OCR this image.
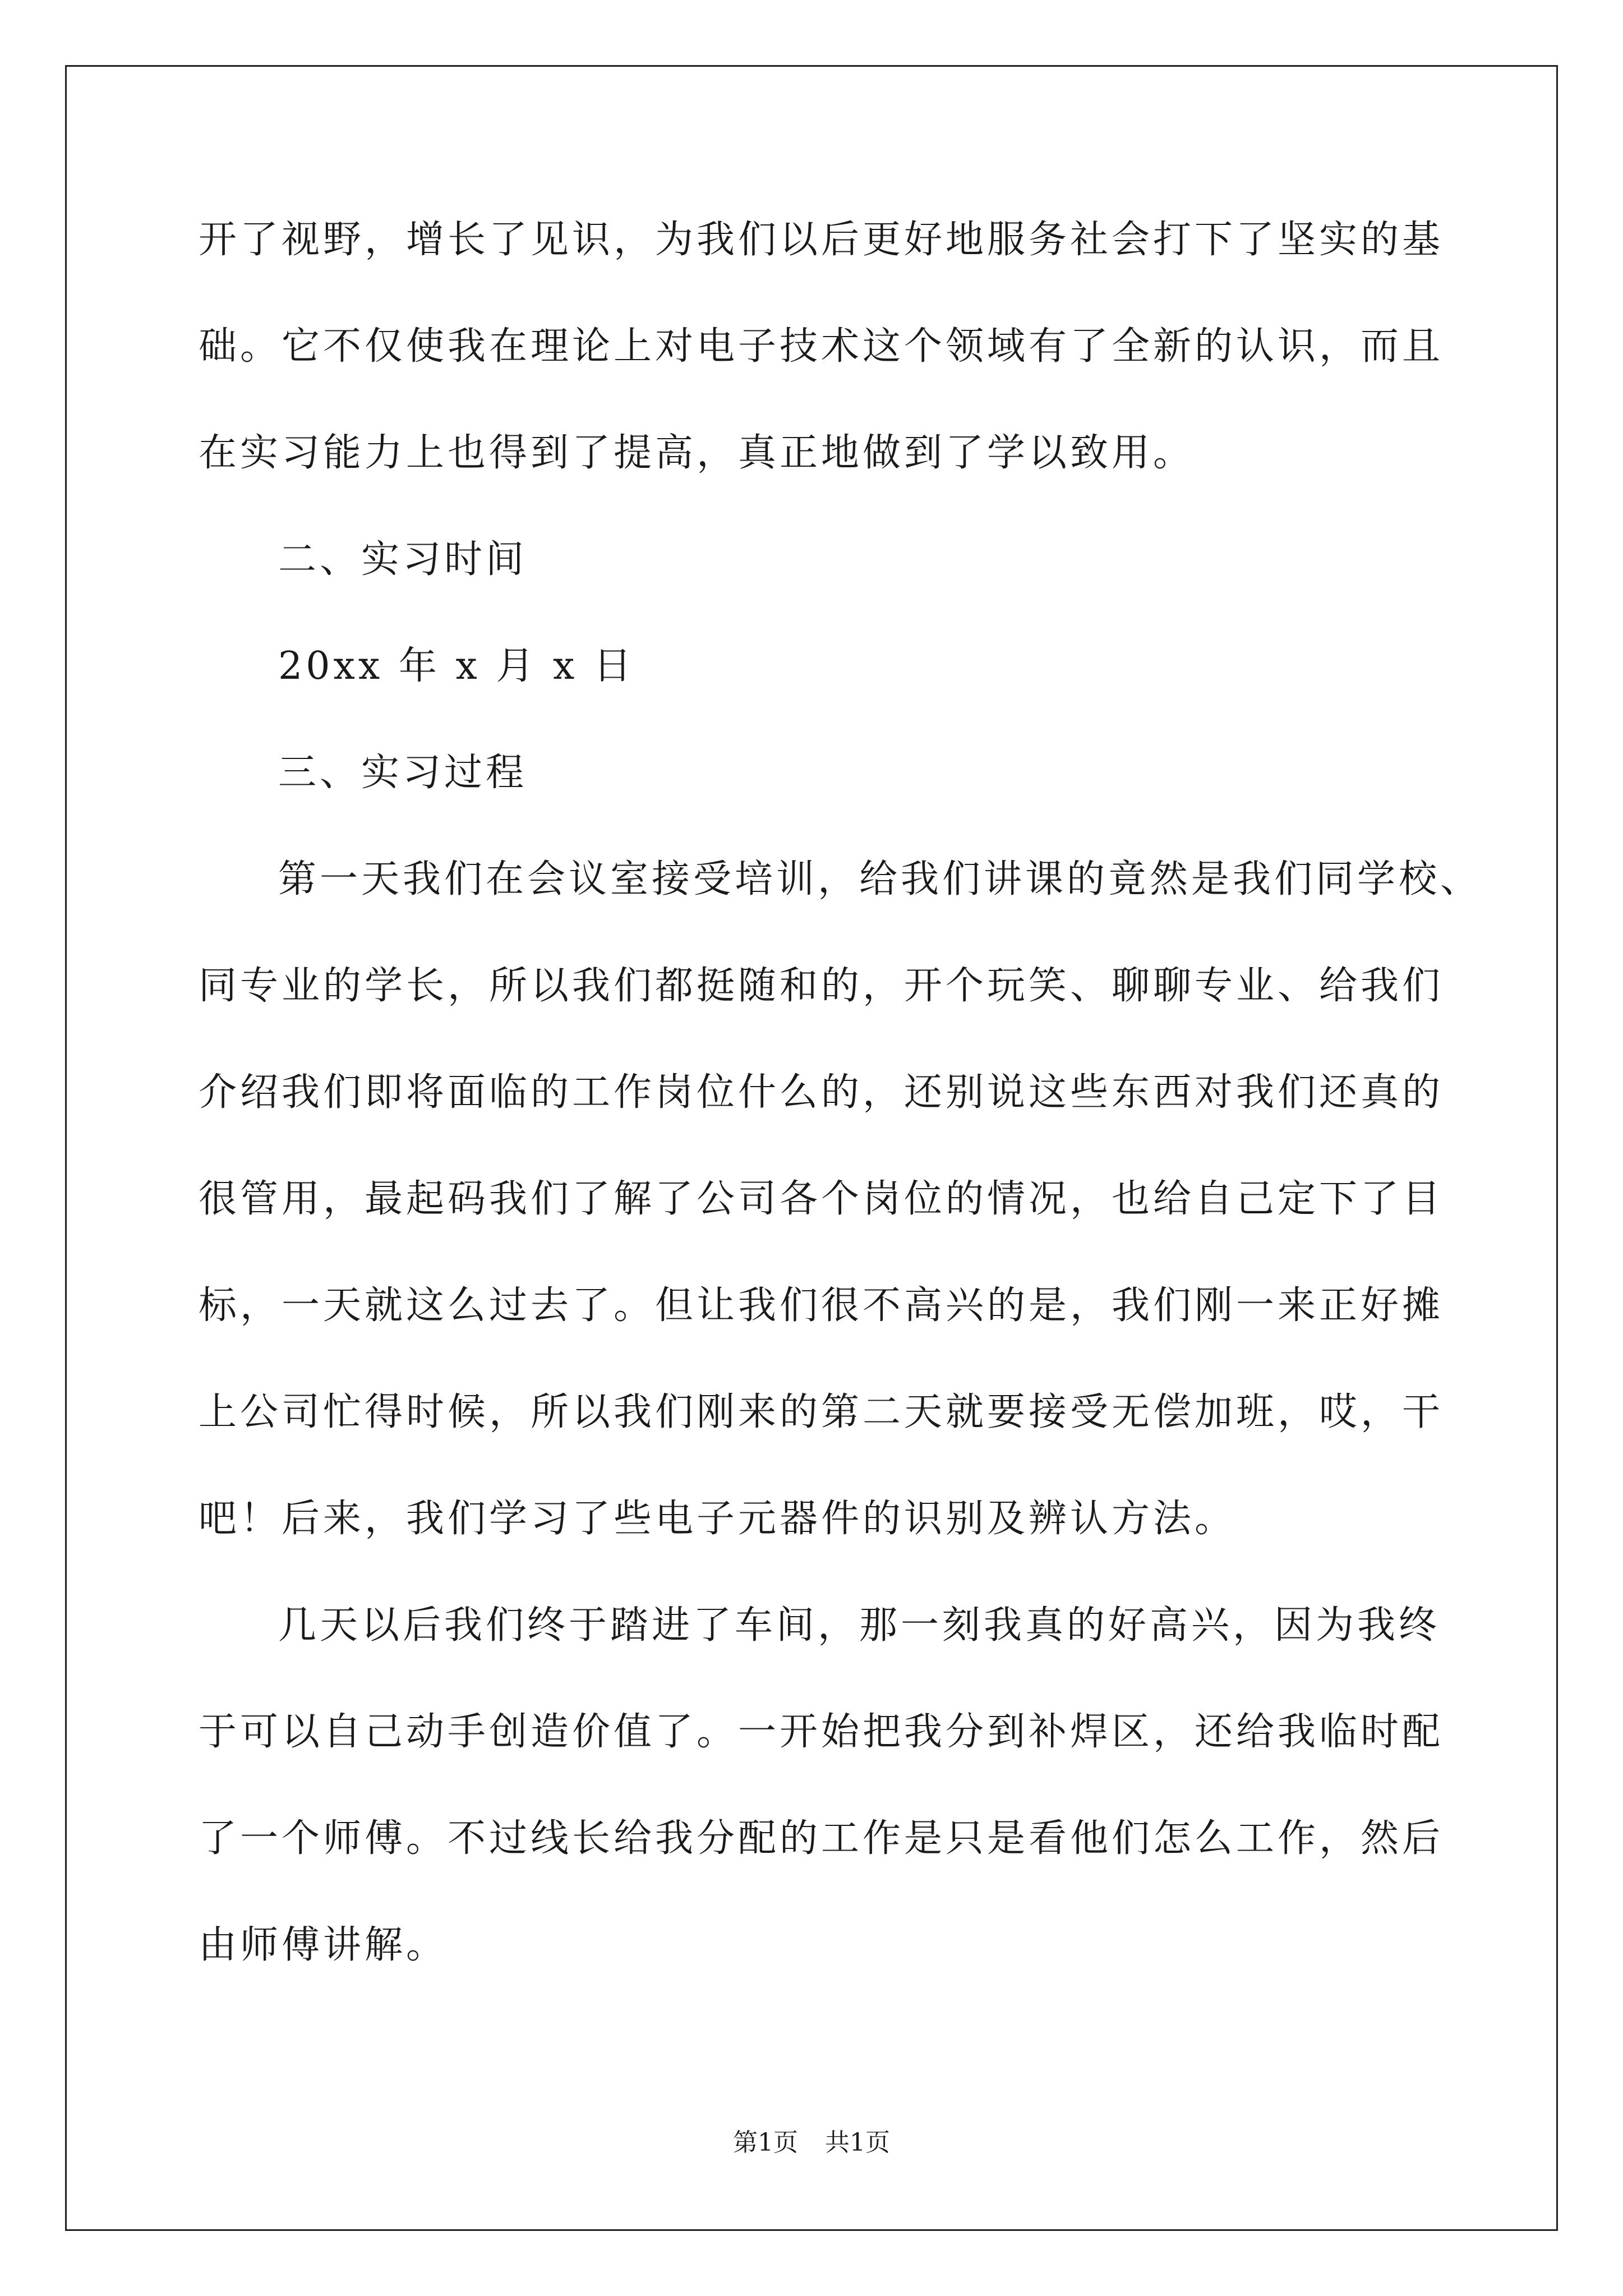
开了视野，增长了见识，为我们以后更好地服务社会打下了坚实的基
础。它不仅使我在理论上对电子技术这个领域有了全新的认识，而且
在实习能力上也得到了提高，真正地做到了学以致用。
二、实习时间
20xx 年 x 月 x 日
三、实习过程
第一天我们在会议室接受培训，给我们讲课的竟然是我们同学校、
同专业的学长，所以我们都挺随和的，开个玩笑、聊聊专业、给我们
介绍我们即将面临的工作岗位什么的，还别说这些东西对我们还真的
很管用，最起码我们了解了公司各个岗位的情况，也给自己定下了目
标，一天就这么过去了。但让我们很不高兴的是，我们刚一来正好摊
上公司忙得时候，所以我们刚来的第二天就要接受无偿加班，哎，干
吧！后来，我们学习了些电子元器件的识别及辨认方法。
几天以后我们终于踏进了车间，那一刻我真的好高兴，因为我终
于可以自己动手创造价值了。一开始把我分到补焊区，还给我临时配
了一个师傅。不过线长给我分配的工作是只是看他们怎么工作，然后
由师傅讲解。
第1页 共1页
